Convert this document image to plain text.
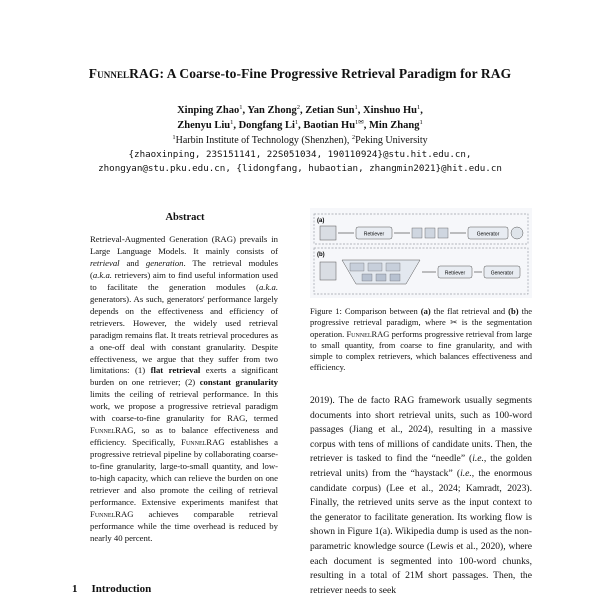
FunnelRAG: A Coarse-to-Fine Progressive Retrieval Paradigm for RAG
Xinping Zhao$^1$, Yan Zhong$^2$, Zetian Sun$^1$, Xinshuo Hu$^1$,
Zhenyu Liu$^1$, Dongfang Li$^1$, Baotian $Hu^{1✉}$, Min Zhang$^1$
$^1$Harbin Institute of Technology (Shenzhen), $^2$Peking University
{zhaoxinping, 23S151141, 22S051034, 190110924}@stu.hit.edu.cn,
zhongyan@stu.pku.edu.cn, {lidongfang, hubaotian, zhangmin2021}@hit.edu.cn
Abstract
Retrieval-Augmented Generation (RAG) prevails in Large Language Models. It mainly consists of retrieval and generation. The retrieval modules (a.k.a. retrievers) aim to find useful information used to facilitate the generation modules (a.k.a. generators). As such, generators' performance largely depends on the effectiveness and efficiency of retrievers. However, the widely used retrieval paradigm remains flat. It treats retrieval procedures as a one-off deal with constant granularity. Despite effectiveness, we argue that they suffer from two limitations: (1) flat retrieval exerts a significant burden on one retriever; (2) constant granularity limits the ceiling of retrieval performance. In this work, we propose a progressive retrieval paradigm with coarse-to-fine granularity for RAG, termed FunnelRAG, so as to balance effectiveness and efficiency. Specifically, FunnelRAG establishes a progressive retrieval pipeline by collaborating coarse-to-fine granularity, large-to-small quantity, and low-to-high capacity, which can relieve the burden on one retriever and also promote the ceiling of retrieval performance. Extensive experiments manifest that FunnelRAG achieves comparable retrieval performance while the time overhead is reduced by nearly 40 percent.
1 Introduction
(a)
Retriever	Generator
(b)
Retriever	Generator
Figure 1: Comparison between (a) the flat retrieval and (b) the progressive retrieval paradigm, where ✂ is the segmentation operation. FunnelRAG performs progressive retrieval from large to small quantity, from coarse to fine granularity, and with simple to complex retrievers, which balances effectiveness and efficiency.
2019). The de facto RAG framework usually segments documents into short retrieval units, such as 100-word passages (Jiang et al., 2024), resulting in a massive corpus with tens of millions of candidate units. Then, the retriever is tasked to find the “needle” (i.e., the golden retrieval units) from the “haystack” (i.e., the enormous candidate corpus) (Lee et al., 2024; Kamradt, 2023). Finally, the retrieved units serve as the input context to the generator to facilitate generation. Its working flow is shown in Figure 1(a). Wikipedia dump is used as the non-parametric knowledge source (Lewis et al., 2020), where each document is segmented into 100-word chunks, resulting in a total of 21M short passages. Then, the retriever needs to seek
